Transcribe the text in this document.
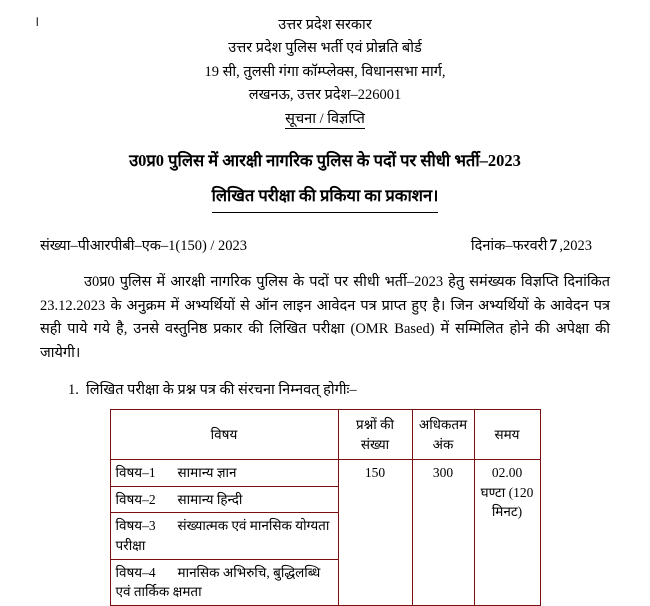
।	उत्तर प्रदेश सरकार
उत्तर प्रदेश पुलिस भर्ती एवं प्रोन्नति बोर्ड
19 सी, तुलसी गंगा कॉम्प्लेक्स, विधानसभा मार्ग,
लखनऊ, उत्तर प्रदेश–226001
सूचना / विज्ञप्ति
उ0प्र0 पुलिस में आरक्षी नागरिक पुलिस के पदों पर सीधी भर्ती–2023
लिखित परीक्षा की प्रकिया का प्रकाशन।
संख्या–पीआरपीबी–एक–1(150) / 2023	दिनांक–फरवरी 7 ,2023
उ0प्र0 पुलिस में आरक्षी नागरिक पुलिस के पदों पर सीधी भर्ती–2023 हेतु समंख्यक विज्ञप्ति दिनांकित 23.12.2023 के अनुक्रम में अभ्यर्थियों से ऑन लाइन आवेदन पत्र प्राप्त हुए है। जिन अभ्यर्थियों के आवेदन पत्र सही पाये गये है, उनसे वस्तुनिष्ठ प्रकार की लिखित परीक्षा (OMR Based) में सम्मिलित होने की अपेक्षा की जायेगी।
1. लिखित परीक्षा के प्रश्न पत्र की संरचना निम्नवत् होगीः–
विषय	प्रश्नों की संख्या	अधिकतम अंक	समय
विषय–1 सामान्य ज्ञान	150	300	02.00 घण्टा (120 मिनट)
विषय–2 सामान्य हिन्दी			
विषय–3 संख्यात्मक एवं मानसिक योग्यता परीक्षा			
विषय–4 मानसिक अभिरुचि, बुद्धिलब्धि एवं तार्किक क्षमता			
